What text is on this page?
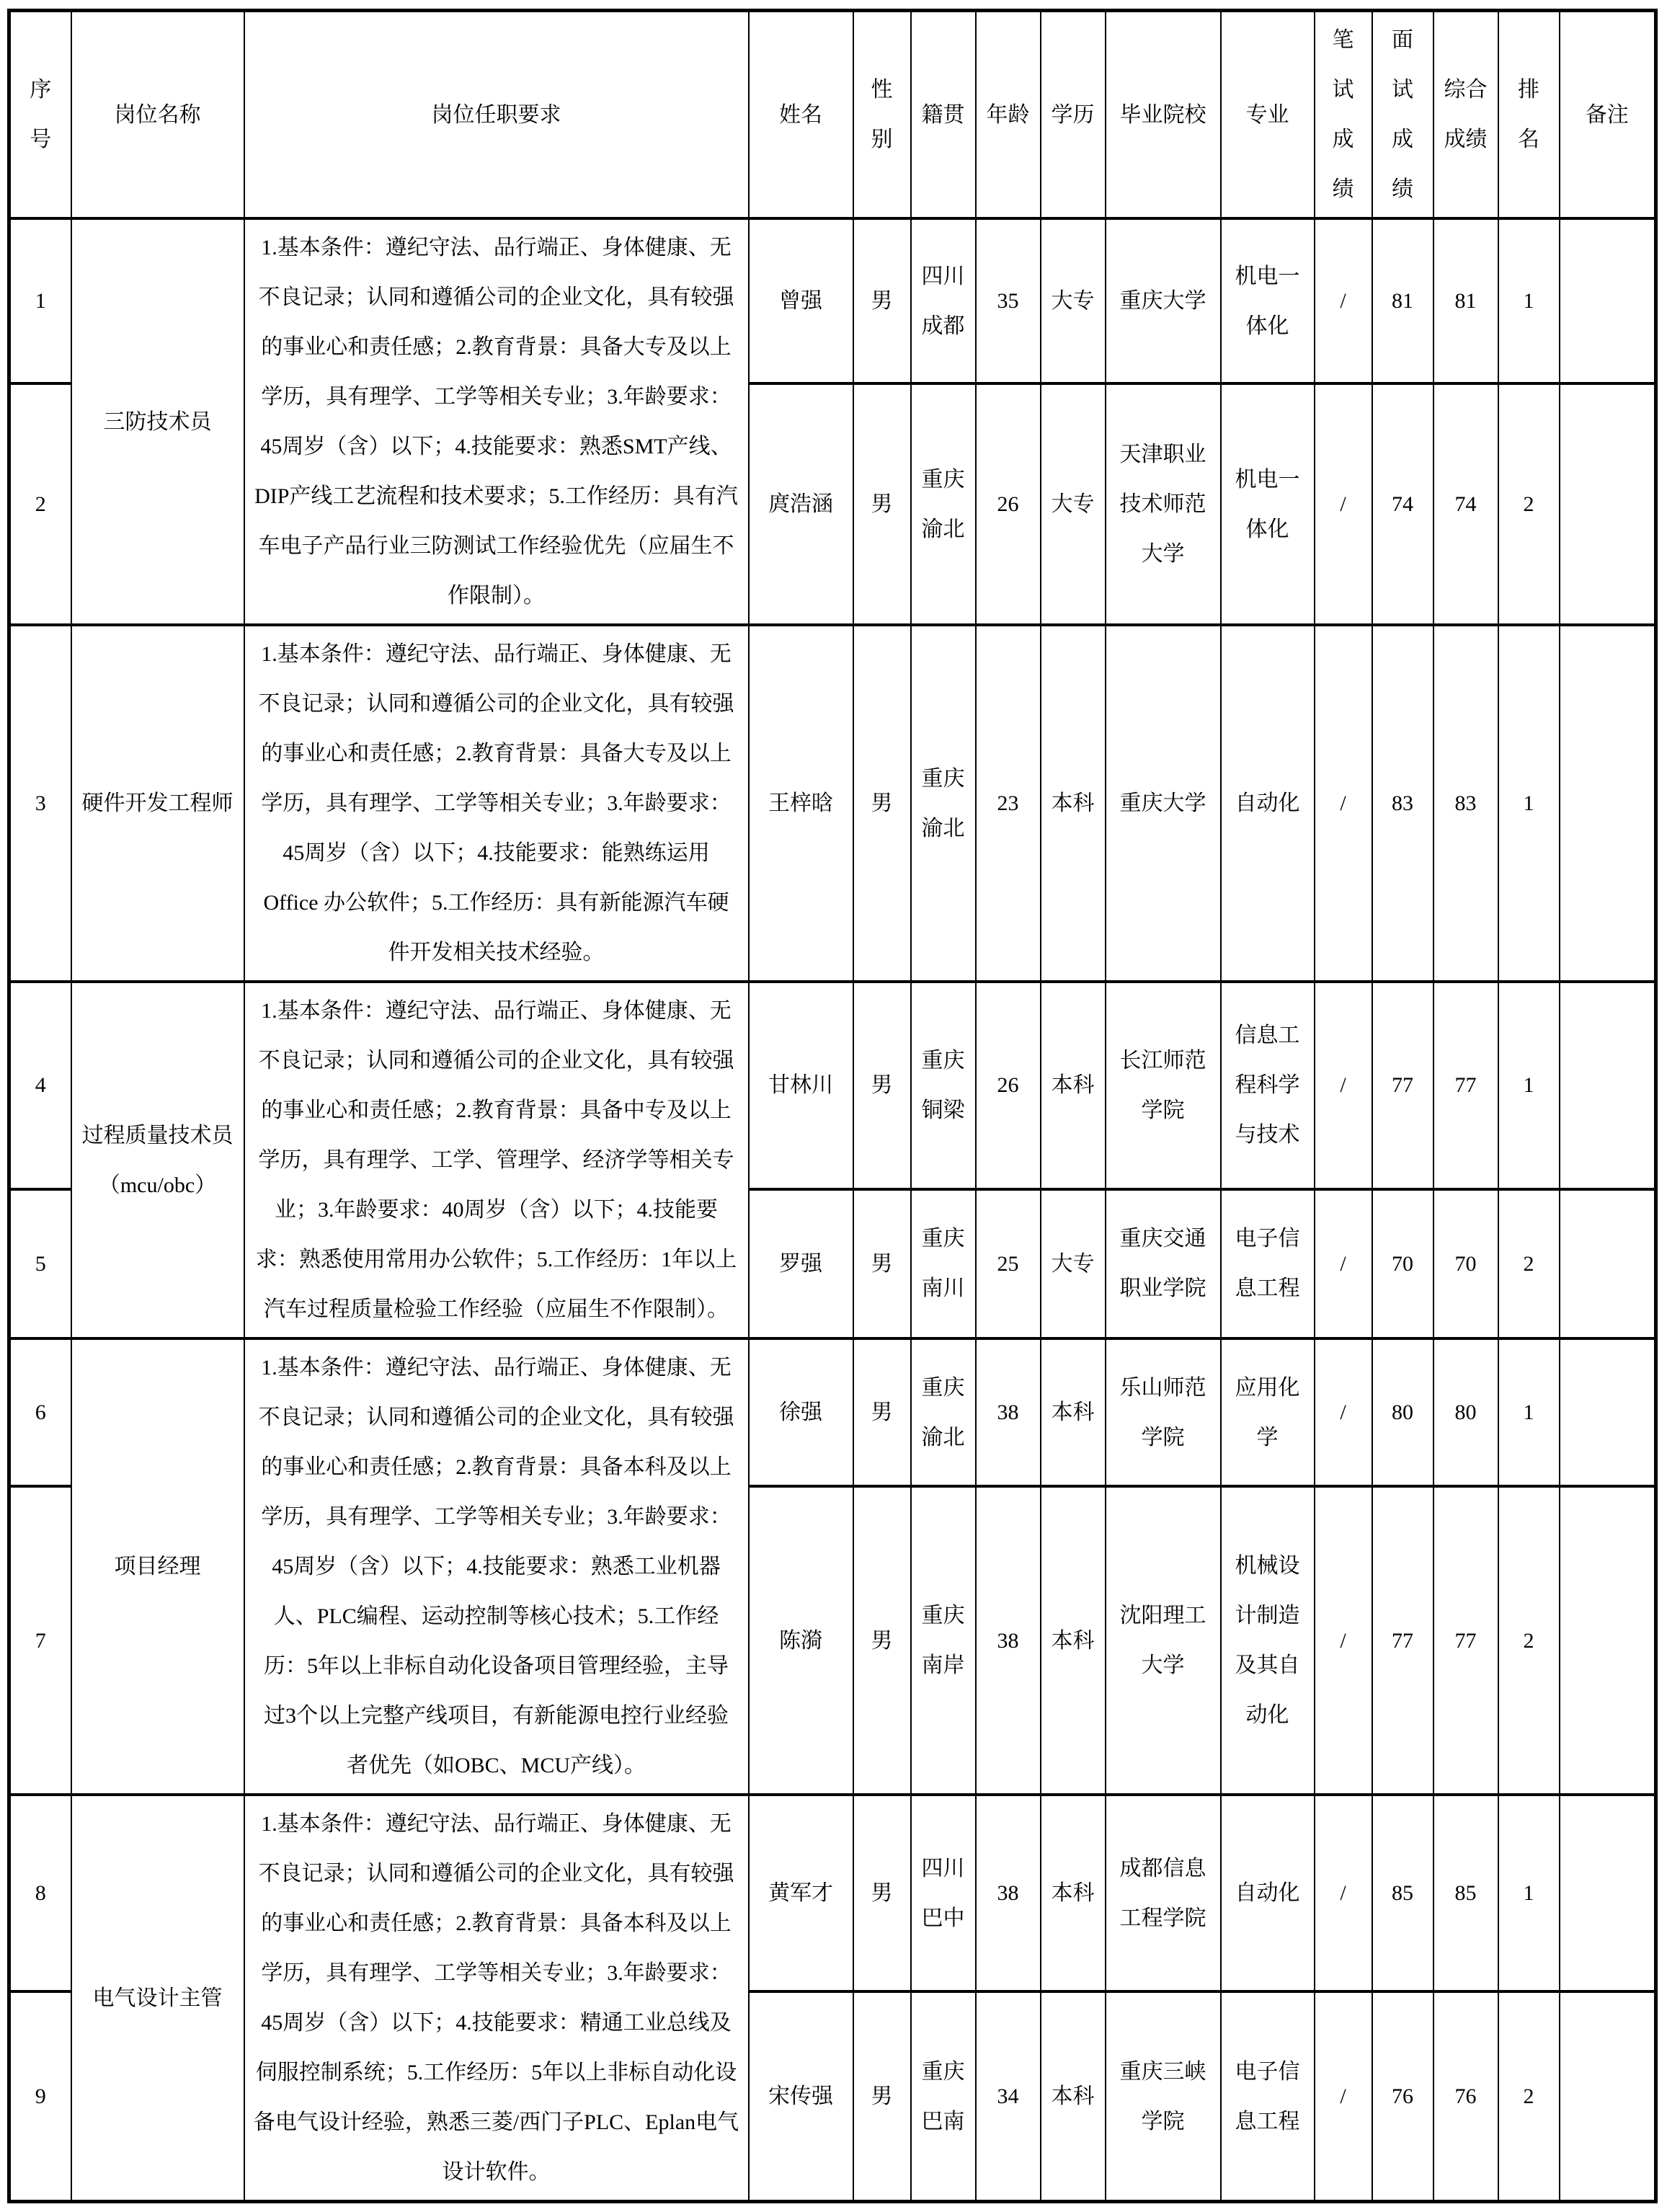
序号	岗位名称	岗位任职要求	姓名	性别	籍贯	年龄	学历	毕业院校	专业	笔试成绩	面试成绩	综合成绩	排名	备注
1	三防技术员	1.基本条件：遵纪守法、品行端正、身体健康、无不良记录；认同和遵循公司的企业文化，具有较强的事业心和责任感；2.教育背景：具备大专及以上学历，具有理学、工学等相关专业；3.年龄要求：45周岁（含）以下；4.技能要求：熟悉SMT产线、DIP产线工艺流程和技术要求；5.工作经历：具有汽车电子产品行业三防测试工作经验优先（应届生不作限制）。	曾强	男	四川成都	35	大专	重庆大学	机电一体化	/	81	81	1	
2			庹浩涵	男	重庆渝北	26	大专	天津职业技术师范大学	机电一体化	/	74	74	2	
3	硬件开发工程师	1.基本条件：遵纪守法、品行端正、身体健康、无不良记录；认同和遵循公司的企业文化，具有较强的事业心和责任感；2.教育背景：具备大专及以上学历，具有理学、工学等相关专业；3.年龄要求：45周岁（含）以下；4.技能要求：能熟练运用 Office 办公软件；5.工作经历：具有新能源汽车硬件开发相关技术经验。	王梓晗	男	重庆渝北	23	本科	重庆大学	自动化	/	83	83	1	
4	过程质量技术员（mcu/obc）	1.基本条件：遵纪守法、品行端正、身体健康、无不良记录；认同和遵循公司的企业文化，具有较强的事业心和责任感；2.教育背景：具备中专及以上学历，具有理学、工学、管理学、经济学等相关专业；3.年龄要求：40周岁（含）以下；4.技能要求：熟悉使用常用办公软件；5.工作经历：1年以上汽车过程质量检验工作经验（应届生不作限制）。	甘林川	男	重庆铜梁	26	本科	长江师范学院	信息工程科学与技术	/	77	77	1	
5			罗强	男	重庆南川	25	大专	重庆交通职业学院	电子信息工程	/	70	70	2	
6	项目经理	1.基本条件：遵纪守法、品行端正、身体健康、无不良记录；认同和遵循公司的企业文化，具有较强的事业心和责任感；2.教育背景：具备本科及以上学历，具有理学、工学等相关专业；3.年龄要求：45周岁（含）以下；4.技能要求：熟悉工业机器人、PLC编程、运动控制等核心技术；5.工作经历：5年以上非标自动化设备项目管理经验，主导过3个以上完整产线项目，有新能源电控行业经验者优先（如OBC、MCU产线）。	徐强	男	重庆渝北	38	本科	乐山师范学院	应用化学	/	80	80	1	
7			陈漪	男	重庆南岸	38	本科	沈阳理工大学	机械设计制造及其自动化	/	77	77	2	
8	电气设计主管	1.基本条件：遵纪守法、品行端正、身体健康、无不良记录；认同和遵循公司的企业文化，具有较强的事业心和责任感；2.教育背景：具备本科及以上学历，具有理学、工学等相关专业；3.年龄要求：45周岁（含）以下；4.技能要求：精通工业总线及伺服控制系统；5.工作经历：5年以上非标自动化设备电气设计经验，熟悉三菱/西门子PLC、Eplan电气设计软件。	黄军才	男	四川巴中	38	本科	成都信息工程学院	自动化	/	85	85	1	
9			宋传强	男	重庆巴南	34	本科	重庆三峡学院	电子信息工程	/	76	76	2	
